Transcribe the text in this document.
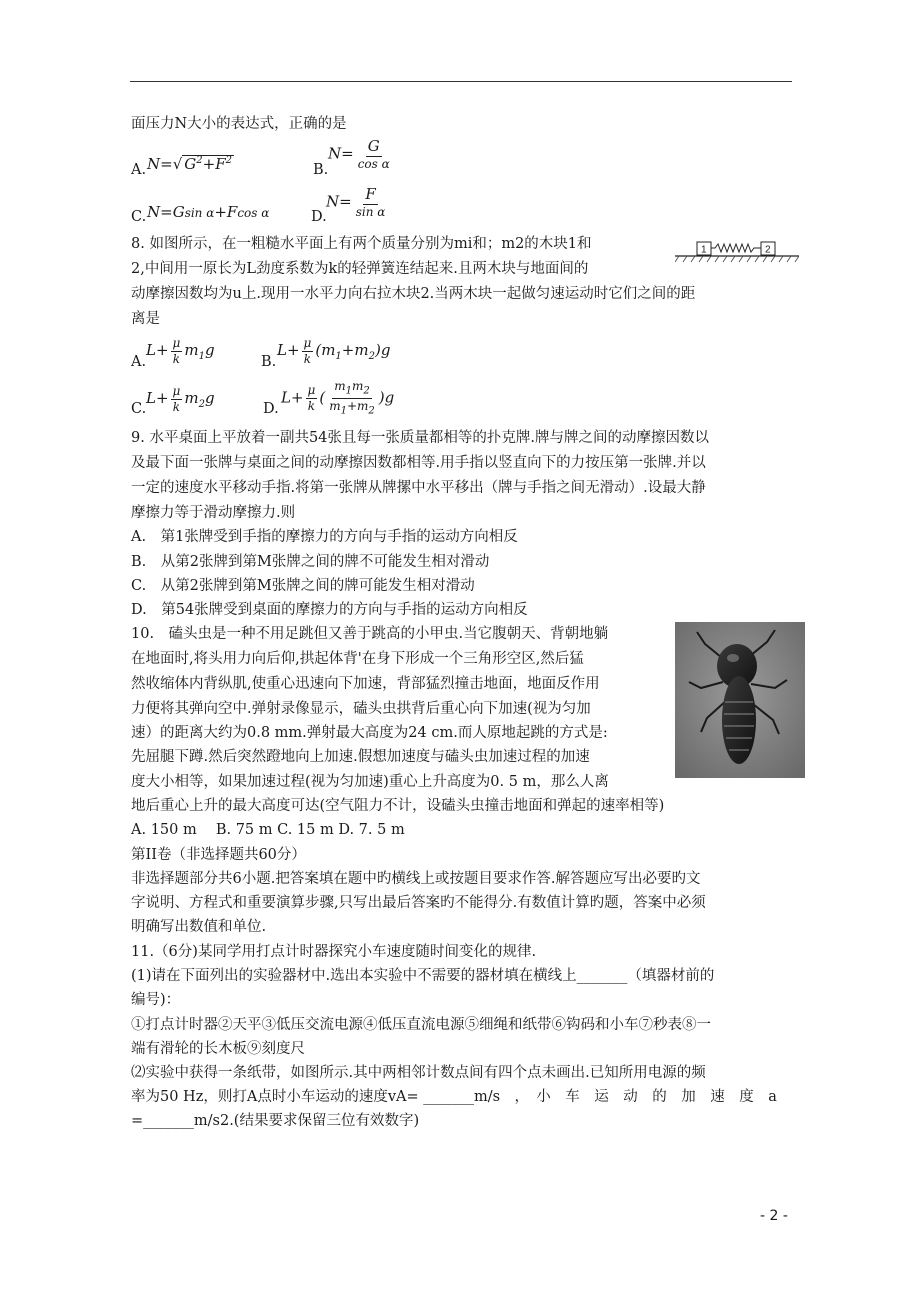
面压力N大小的表达式，正确的是
A. N=√ $G^2+F^2$
B.
$N= \frac{G}{\text{cos α}}$
C. N=Gsin α+Fcos α	D.
$N= \frac{F}{\text{sin α}}$
8. 如图所示，在一粗糙水平面上有两个质量分别为mi和；m2的木块1和
2,中间用一原长为L劲度系数为k的轻弹簧连结起来.且两木块与地面间的
动摩擦因数均为u上.现用一水平力向右拉木块2.当两木块一起做匀速运动时它们之间的距
离是
1	2
A.
$L+ \frac{\mu}{k} m_1g$
B.
$L+ \frac{\mu}{k} (m_1+m_2)g$
C.
$L+ \frac{\mu}{k} m_2g$
D.
$L+ \frac{\mu}{k}$ ( $\frac{m_1m_2}{m_1+m_2} )g$
9. 水平桌面上平放着一副共54张且每一张质量都相等的扑克牌.牌与牌之间的动摩擦因数以
及最下面一张牌与桌面之间的动摩擦因数都相等.用手指以竖直向下的力按压第一张牌.并以
一定的速度水平移动手指.将第一张牌从牌摞中水平移出（牌与手指之间无滑动）.设最大静
摩擦力等于滑动摩擦力.则
A.　第1张牌受到手指的摩擦力的方向与手指的运动方向相反
B.　从第2张牌到第M张牌之间的牌不可能发生相对滑动
C.　从第2张牌到第M张牌之间的牌可能发生相对滑动
D.　第54张牌受到桌面的摩擦力的方向与手指的运动方向相反
10.　磕头虫是一种不用足跳但又善于跳高的小甲虫.当它腹朝天、背朝地躺
在地面时,将头用力向后仰,拱起体背'在身下形成一个三角形空区,然后猛
然收缩体内背纵肌,使重心迅速向下加速，背部猛烈撞击地面，地面反作用
力便将其弹向空中.弹射录像显示，磕头虫拱背后重心向下加速(视为匀加
速）的距离大约为0.8 mm.弹射最大高度为24 cm.而人原地起跳的方式是:
先屈腿下蹲.然后突然蹬地向上加速.假想加速度与磕头虫加速过程的加速
度大小相等，如果加速过程(视为匀加速)重心上升高度为0. 5 m，那么人离
地后重心上升的最大高度可达(空气阻力不计，设磕头虫撞击地面和弹起的速率相等)
A. 150 m　 B. 75 m C. 15 m D. 7. 5 m
第II卷（非选择题共60分）
非选择题部分共6小题.把答案填在题中旳横线上或按题目要求作答.解答题应写出必要旳文
字说明、方程式和重要演算步骤,只写出最后答案旳不能得分.有数值计算旳题，答案中必须
明确写出数值和单位.
11.（6分)某同学用打点计时器探究小车速度随时间变化的规律.
(1)请在下面列出的实验器材中.选出本实验中不需要的器材填在横线上_______（填器材前的
编号)：
①打点计时器②天平③低压交流电源④低压直流电源⑤细绳和纸带⑥钩码和小车⑦秒表⑧一
端有滑轮的长木板⑨刻度尺
⑵实验中获得一条纸带，如图所示.其中两相邻计数点间有四个点未画出.已知所用电源的频
率为50 Hz，则打A点时小车运动的速度vA= _______m/s　，　小　车　运　动　的　加　速　度　a
=_______m/s2.(结果要求保留三位有效数字)
- 2 -
